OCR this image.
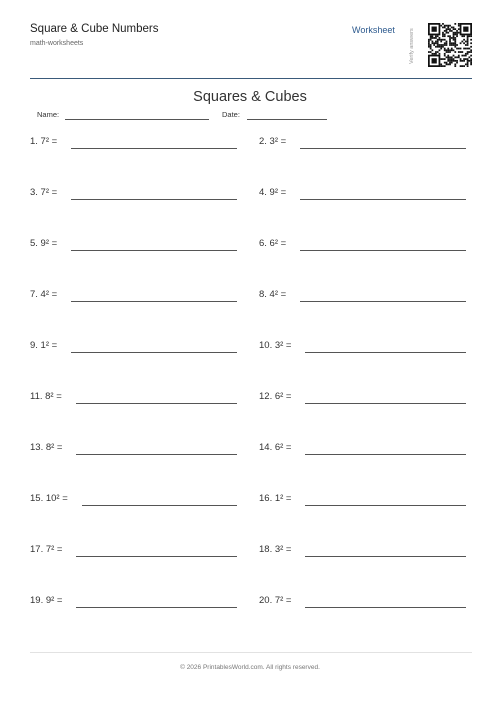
Square & Cube Numbers
math-worksheets
Worksheet	Verify answers
Squares & Cubes
Name:	Date:
1. 7² =	2. 3² =
3. 7² =	4. 9² =
5. 9² =	6. 6² =
7. 4² =	8. 4² =
9. 1² =	10. 3² =
11. 8² =	12. 6² =
13. 8² =	14. 6² =
15. 10² =	16. 1² =
17. 7² =	18. 3² =
19. 9² =	20. 7² =
© 2026 PrintablesWorld.com. All rights reserved.
